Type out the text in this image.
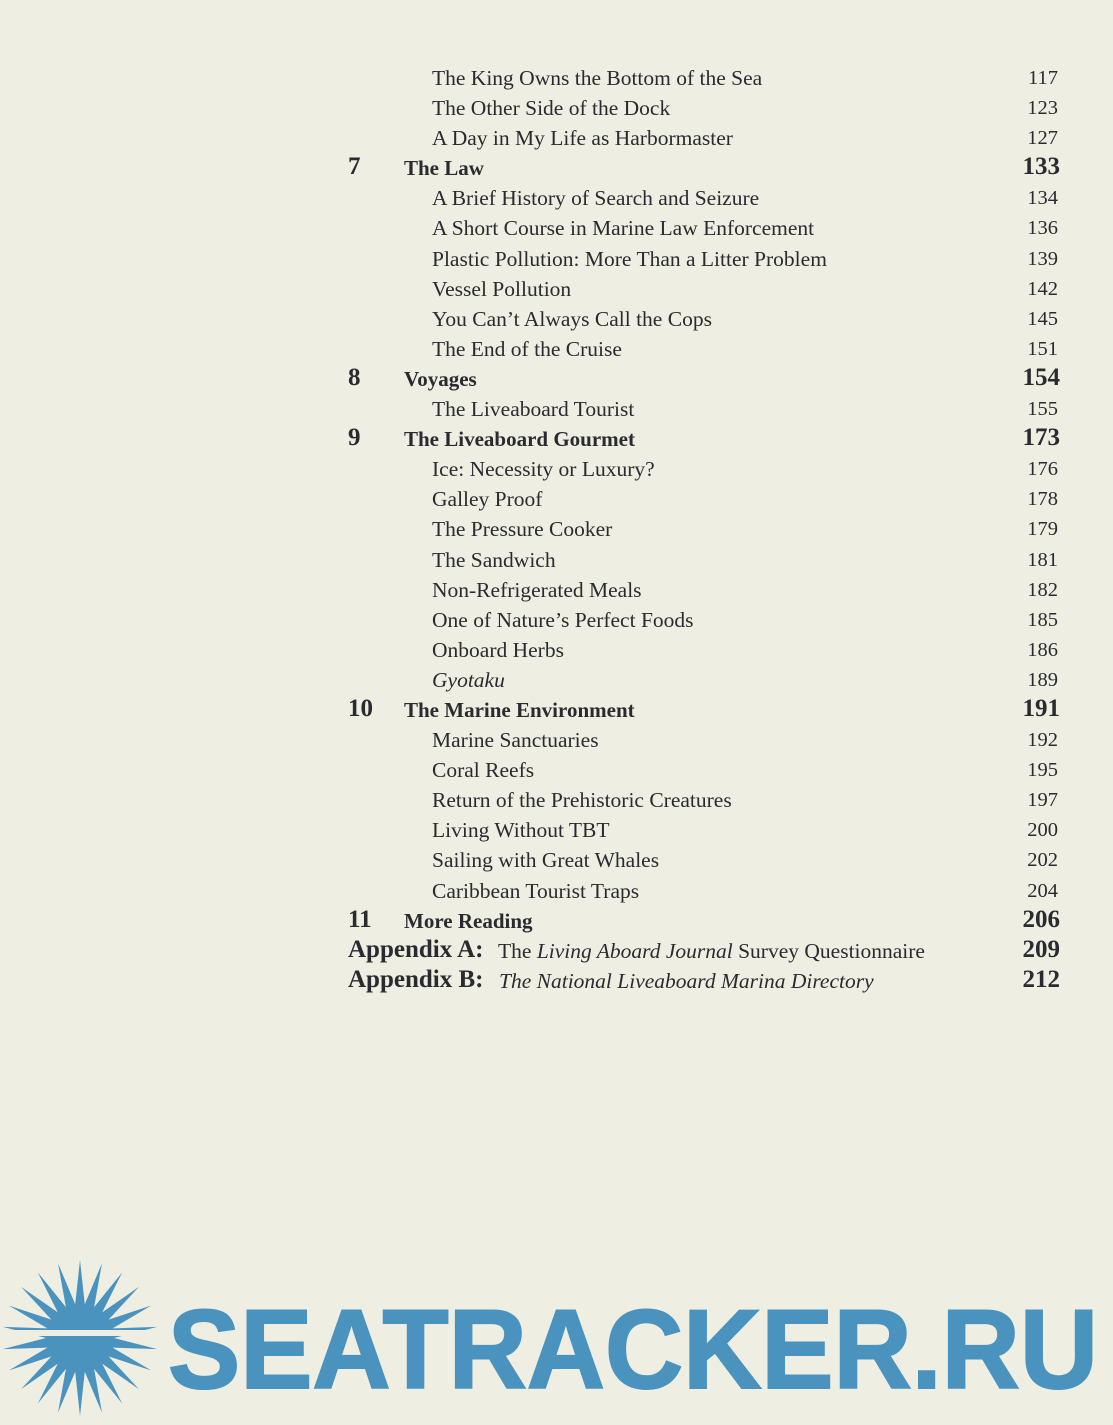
The King Owns the Bottom of the Sea	117
The Other Side of the Dock	123
A Day in My Life as Harbormaster	127
7	The Law	133
A Brief History of Search and Seizure	134
A Short Course in Marine Law Enforcement	136
Plastic Pollution: More Than a Litter Problem	139
Vessel Pollution	142
You Can’t Always Call the Cops	145
The End of the Cruise	151
8	Voyages	154
The Liveaboard Tourist	155
9	The Liveaboard Gourmet	173
Ice: Necessity or Luxury?	176
Galley Proof	178
The Pressure Cooker	179
The Sandwich	181
Non-Refrigerated Meals	182
One of Nature’s Perfect Foods	185
Onboard Herbs	186
Gyotaku	189
10	The Marine Environment	191
Marine Sanctuaries	192
Coral Reefs	195
Return of the Prehistoric Creatures	197
Living Without TBT	200
Sailing with Great Whales	202
Caribbean Tourist Traps	204
11	More Reading	206
Appendix A: The Living Aboard Journal Survey Questionnaire	209
Appendix B: The National Liveaboard Marina Directory	212
SEATRACKER.RU
